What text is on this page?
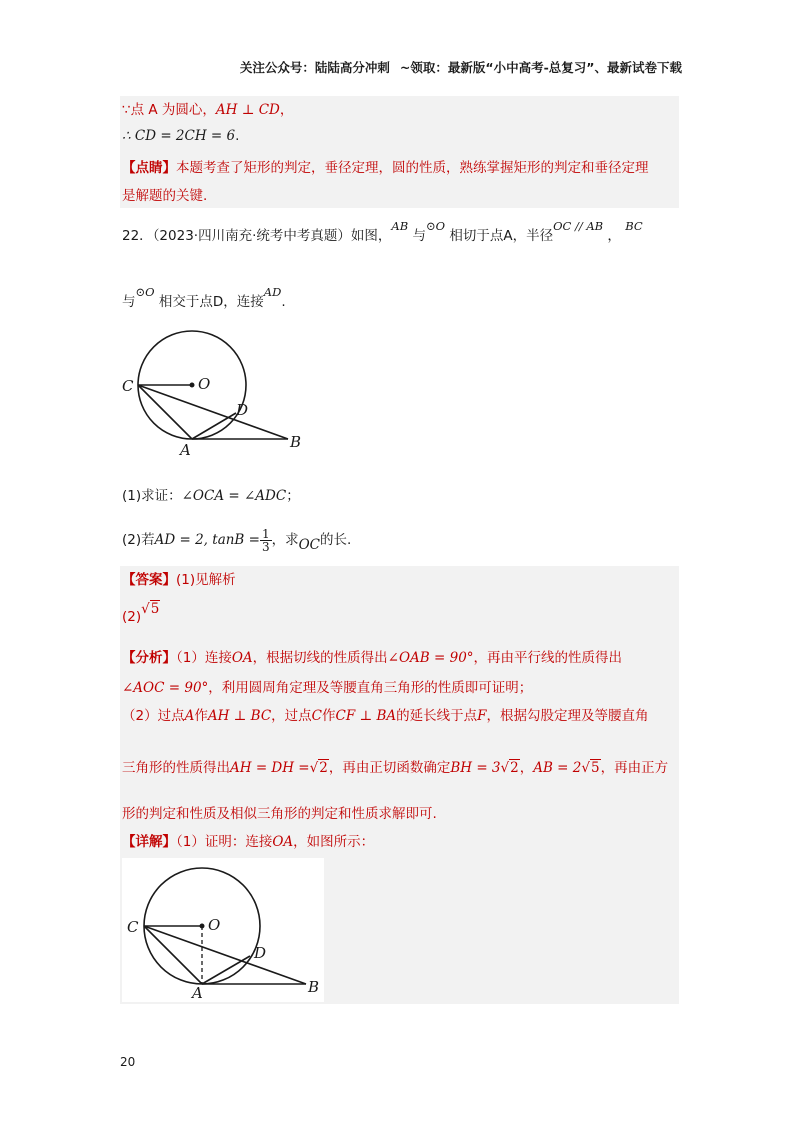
关注公众号：陆陆高分冲刺 ~领取：最新版“小中高考-总复习”、最新试卷下载
∵点 A 为圆心，AH ⊥ CD，
∴ CD = 2CH = 6.
【点睛】本题考查了矩形的判定，垂径定理，圆的性质，熟练掌握矩形的判定和垂径定理
是解题的关键.
22．（2023·四川南充·统考中考真题）如图，AB 与⊙O 相切于点A，半径OC // AB ， BC
与⊙O 相交于点D，连接AD.
C	O
D
A	B
(1)求证：∠OCA = ∠ADC；
(2)若AD = 2, $\tan B = \frac{1}{3}$ ，求OC的长.
【答案】(1)见解析
(2)√5
【分析】（1）连接OA，根据切线的性质得出∠OAB = 90°，再由平行线的性质得出
∠AOC = 90°，利用圆周角定理及等腰直角三角形的性质即可证明；
（2）过点A作AH ⊥ BC，过点C作CF ⊥ BA的延长线于点F，根据勾股定理及等腰直角
三角形的性质得出AH = DH =√2，再由正切函数确定BH = 3√2，AB = 2√5，再由正方
形的判定和性质及相似三角形的判定和性质求解即可.
【详解】（1）证明：连接OA，如图所示：
C	O
D
A	B
20
